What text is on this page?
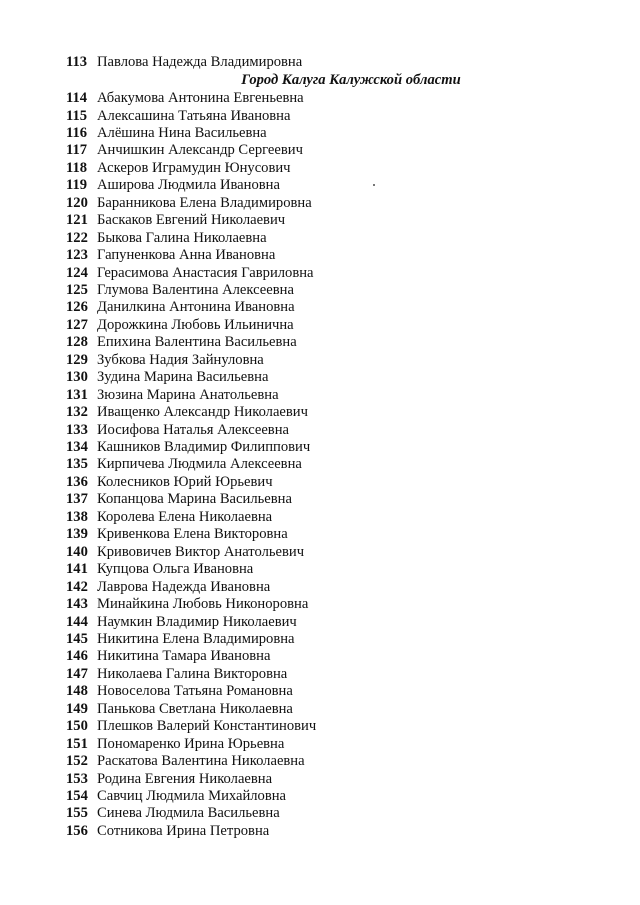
113 Павлова Надежда Владимировна
Город Калуга Калужской области
114 Абакумова Антонина Евгеньевна
115 Алексашина Татьяна Ивановна
116 Алёшина Нина Васильевна
117 Анчишкин Александр Сергеевич
118 Аскеров Играмудин Юнусович
119 Аширова Людмила Ивановна
120 Баранникова Елена Владимировна
121 Баскаков Евгений Николаевич
122 Быкова Галина Николаевна
123 Гапуненкова Анна Ивановна
124 Герасимова Анастасия Гавриловна
125 Глумова Валентина Алексеевна
126 Данилкина Антонина Ивановна
127 Дорожкина Любовь Ильинична
128 Епихина Валентина Васильевна
129 Зубкова Надия Зайнуловна
130 Зудина Марина Васильевна
131 Зюзина Марина Анатольевна
132 Иващенко Александр Николаевич
133 Иосифова Наталья Алексеевна
134 Кашников Владимир Филиппович
135 Кирпичева Людмила Алексеевна
136 Колесников Юрий Юрьевич
137 Копанцова Марина Васильевна
138 Королева Елена Николаевна
139 Кривенкова Елена Викторовна
140 Кривовичев Виктор Анатольевич
141 Купцова Ольга Ивановна
142 Лаврова Надежда Ивановна
143 Минайкина Любовь Никоноровна
144 Наумкин Владимир Николаевич
145 Никитина Елена Владимировна
146 Никитина Тамара Ивановна
147 Николаева Галина Викторовна
148 Новоселова Татьяна Романовна
149 Панькова Светлана Николаевна
150 Плешков Валерий Константинович
151 Пономаренко Ирина Юрьевна
152 Раскатова Валентина Николаевна
153 Родина Евгения Николаевна
154 Савчиц Людмила Михайловна
155 Синева Людмила Васильевна
156 Сотникова Ирина Петровна
